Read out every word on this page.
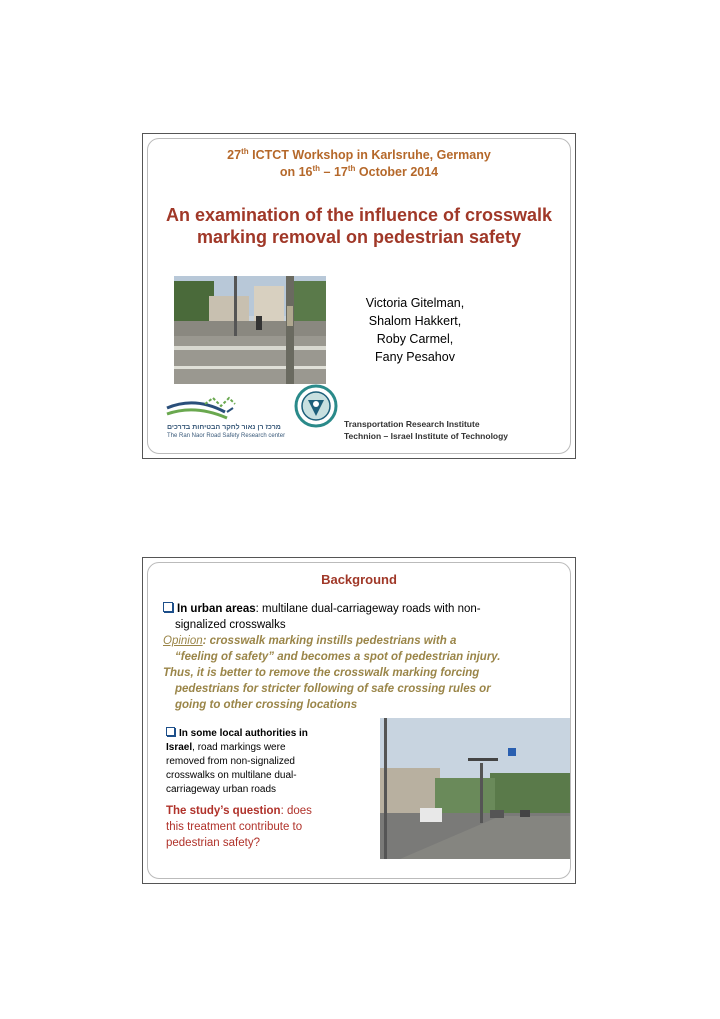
27th ICTCT Workshop in Karlsruhe, Germany
on 16th – 17th October 2014
An examination of the influence of crosswalk marking removal on pedestrian safety
Victoria Gitelman,
Shalom Hakkert,
Roby Carmel,
Fany Pesahov
מרכז רן נאור לחקר הבטיחות בדרכים
The Ran Naor Road Safety Research center
Transportation Research Institute
Technion – Israel Institute of Technology
Background
In urban areas: multilane dual-carriageway roads with non-
signalized crosswalks
Opinion: crosswalk marking instills pedestrians with a
“feeling of safety” and becomes a spot of pedestrian injury.
Thus, it is better to remove the crosswalk marking forcing
pedestrians for stricter following of safe crossing rules or
going to other crossing locations
In some local authorities in
Israel, road markings were
removed from non-signalized
crosswalks on multilane dual-
carriageway urban roads
The study’s question: does
this treatment contribute to
pedestrian safety?
